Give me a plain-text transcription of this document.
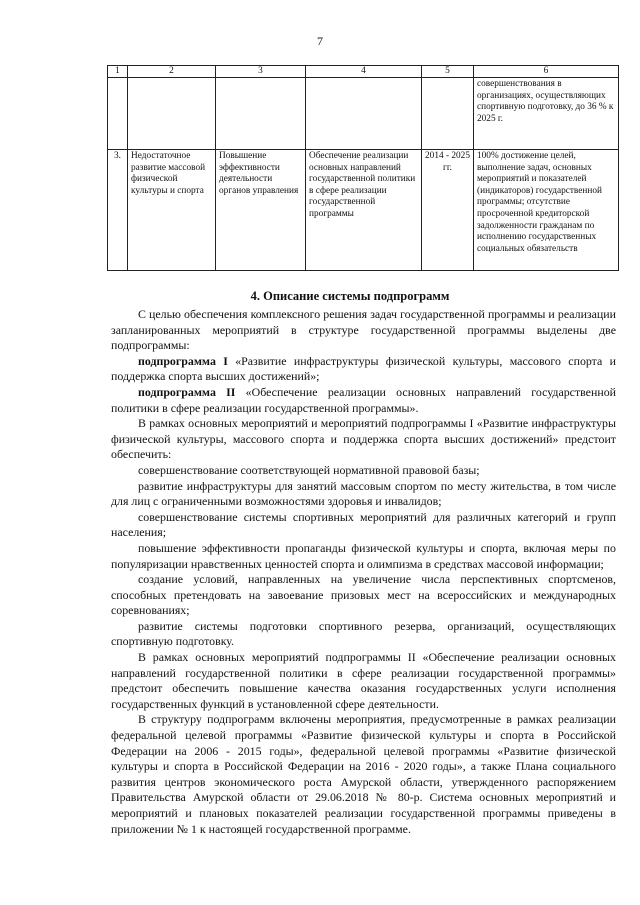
7
1	2	3	4	5	6
					совершенствования в организациях, осуществляющих спортивную подготовку, до 36 % к 2025 г.
3.	Недостаточное развитие массовой физической культуры и спорта	Повышение эффективности деятельности органов управления	Обеспечение реализации основных направлений государственной политики в сфере реализации государственной программы	2014 - 2025 гг.	100% достижение целей, выполнение задач, основных мероприятий и показателей (индикаторов) государственной программы; отсутствие просроченной кредиторской задолженности гражданам по исполнению государственных социальных обязательств
4. Описание системы подпрограмм

С целью обеспечения комплексного решения задач государственной программы и реализации запланированных мероприятий в структуре государственной программы выделены две подпрограммы:

подпрограмма I «Развитие инфраструктуры физической культуры, массового спорта и поддержка спорта высших достижений»;

подпрограмма II «Обеспечение реализации основных направлений государственной политики в сфере реализации государственной программы».

В рамках основных мероприятий и мероприятий подпрограммы I «Развитие инфраструктуры физической культуры, массового спорта и поддержка спорта высших достижений» предстоит обеспечить:

совершенствование соответствующей нормативной правовой базы;

развитие инфраструктуры для занятий массовым спортом по месту жительства, в том числе для лиц с ограниченными возможностями здоровья и инвалидов;

совершенствование системы спортивных мероприятий для различных категорий и групп населения;

повышение эффективности пропаганды физической культуры и спорта, включая меры по популяризации нравственных ценностей спорта и олимпизма в средствах массовой информации;

создание условий, направленных на увеличение числа перспективных спортсменов, способных претендовать на завоевание призовых мест на всероссийских и международных соревнованиях;

развитие системы подготовки спортивного резерва, организаций, осуществляющих спортивную подготовку.

В рамках основных мероприятий подпрограммы II «Обеспечение реализации основных направлений государственной политики в сфере реализации государственной программы» предстоит обеспечить повышение качества оказания государственных услуги исполнения государственных функций в установленной сфере деятельности.

В структуру подпрограмм включены мероприятия, предусмотренные в рамках реализации федеральной целевой программы «Развитие физической культуры и спорта в Российской Федерации на 2006 - 2015 годы», федеральной целевой программы «Развитие физической культуры и спорта в Российской Федерации на 2016 - 2020 годы», а также Плана социального развития центров экономического роста Амурской области, утвержденного распоряжением Правительства Амурской области от 29.06.2018 № 80-р. Система основных мероприятий и мероприятий и плановых показателей реализации государственной программы приведены в приложении № 1 к настоящей государственной программе.
